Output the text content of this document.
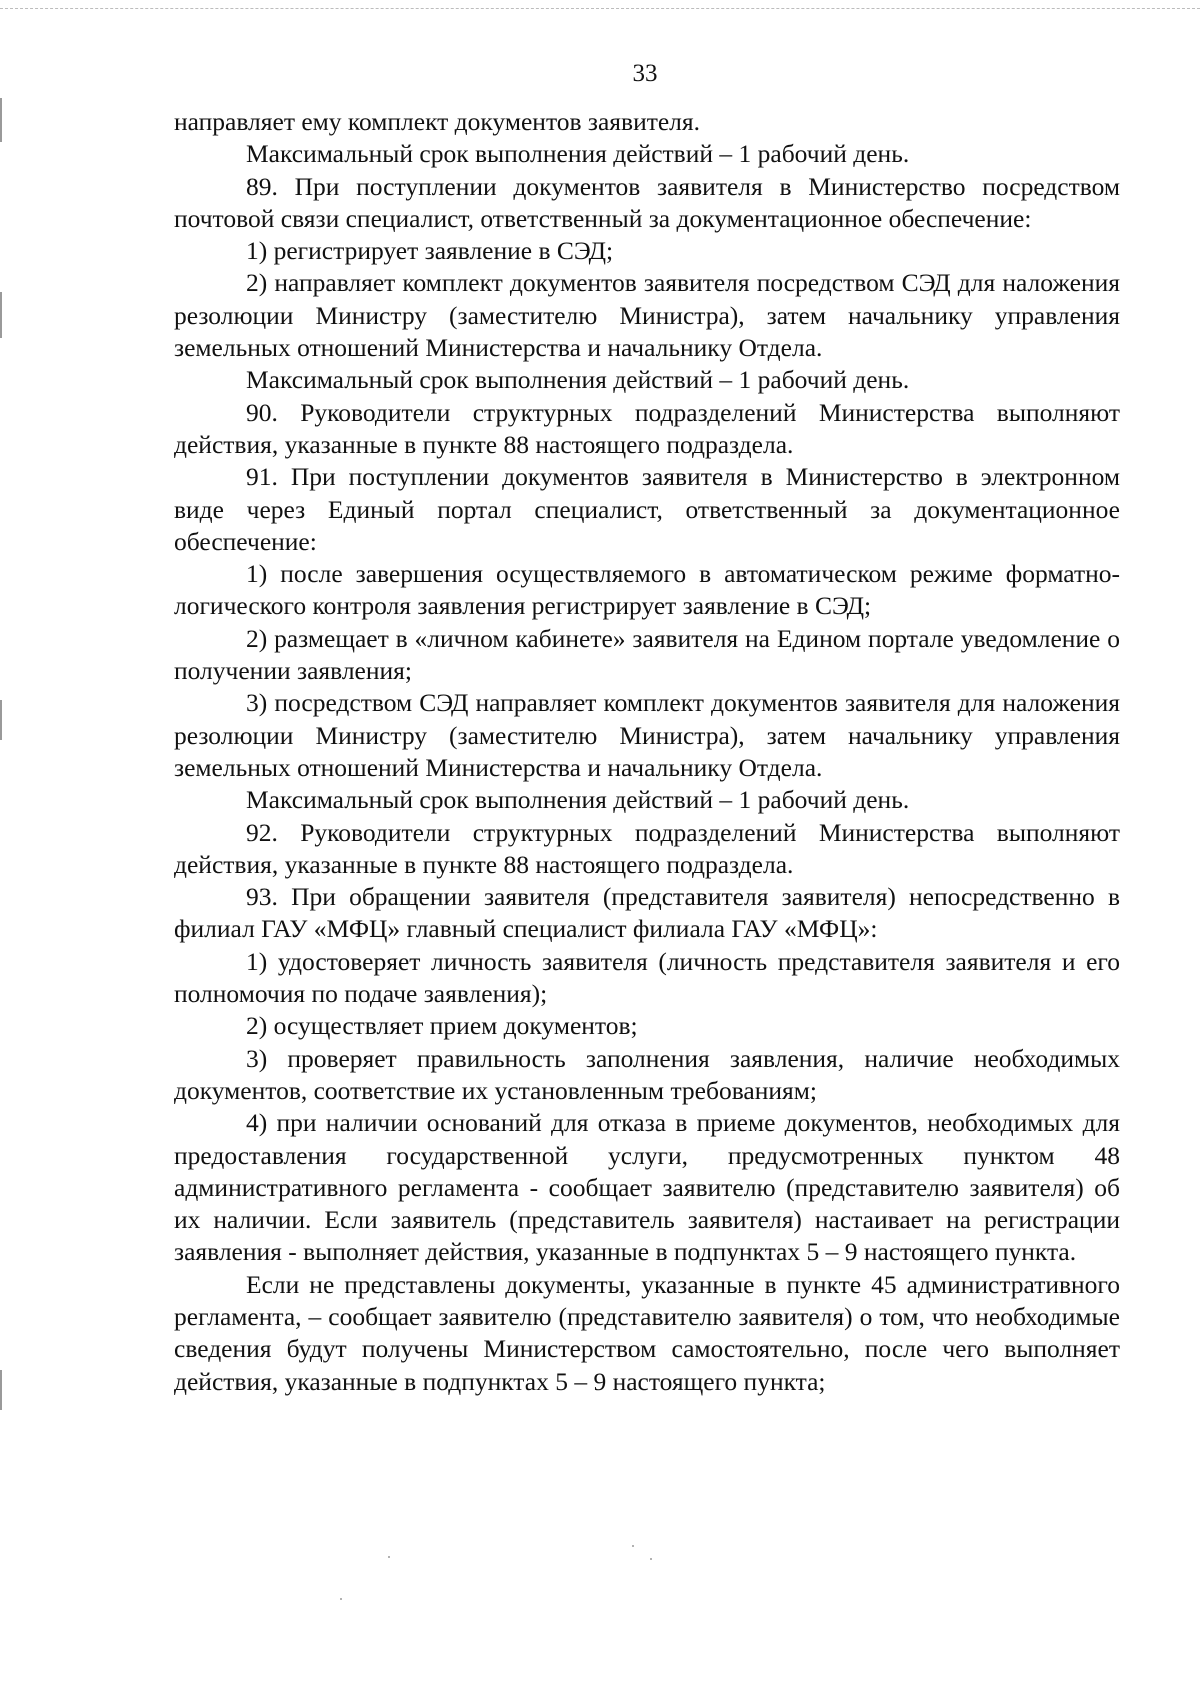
33

направляет ему комплект документов заявителя.

Максимальный срок выполнения действий – 1 рабочий день.

89. При поступлении документов заявителя в Министерство посредством почтовой связи специалист, ответственный за документационное обеспечение:

1) регистрирует заявление в СЭД;

2) направляет комплект документов заявителя посредством СЭД для наложения резолюции Министру (заместителю Министра), затем начальнику управления земельных отношений Министерства и начальнику Отдела.

Максимальный срок выполнения действий – 1 рабочий день.

90. Руководители структурных подразделений Министерства выполняют действия, указанные в пункте 88 настоящего подраздела.

91. При поступлении документов заявителя в Министерство в электронном виде через Единый портал специалист, ответственный за документационное обеспечение:

1) после завершения осуществляемого в автоматическом режиме форматно-логического контроля заявления регистрирует заявление в СЭД;

2) размещает в «личном кабинете» заявителя на Едином портале уведомление о получении заявления;

3) посредством СЭД направляет комплект документов заявителя для наложения резолюции Министру (заместителю Министра), затем начальнику управления земельных отношений Министерства и начальнику Отдела.

Максимальный срок выполнения действий – 1 рабочий день.

92. Руководители структурных подразделений Министерства выполняют действия, указанные в пункте 88 настоящего подраздела.

93. При обращении заявителя (представителя заявителя) непосредственно в филиал ГАУ «МФЦ» главный специалист филиала ГАУ «МФЦ»:

1) удостоверяет личность заявителя (личность представителя заявителя и его полномочия по подаче заявления);

2) осуществляет прием документов;

3) проверяет правильность заполнения заявления, наличие необходимых документов, соответствие их установленным требованиям;

4) при наличии оснований для отказа в приеме документов, необходимых для предоставления государственной услуги, предусмотренных пунктом 48 административного регламента - сообщает заявителю (представителю заявителя) об их наличии. Если заявитель (представитель заявителя) настаивает на регистрации заявления - выполняет действия, указанные в подпунктах 5 – 9 настоящего пункта.

Если не представлены документы, указанные в пункте 45 административного регламента, – сообщает заявителю (представителю заявителя) о том, что необходимые сведения будут получены Министерством самостоятельно, после чего выполняет действия, указанные в подпунктах 5 – 9 настоящего пункта;
